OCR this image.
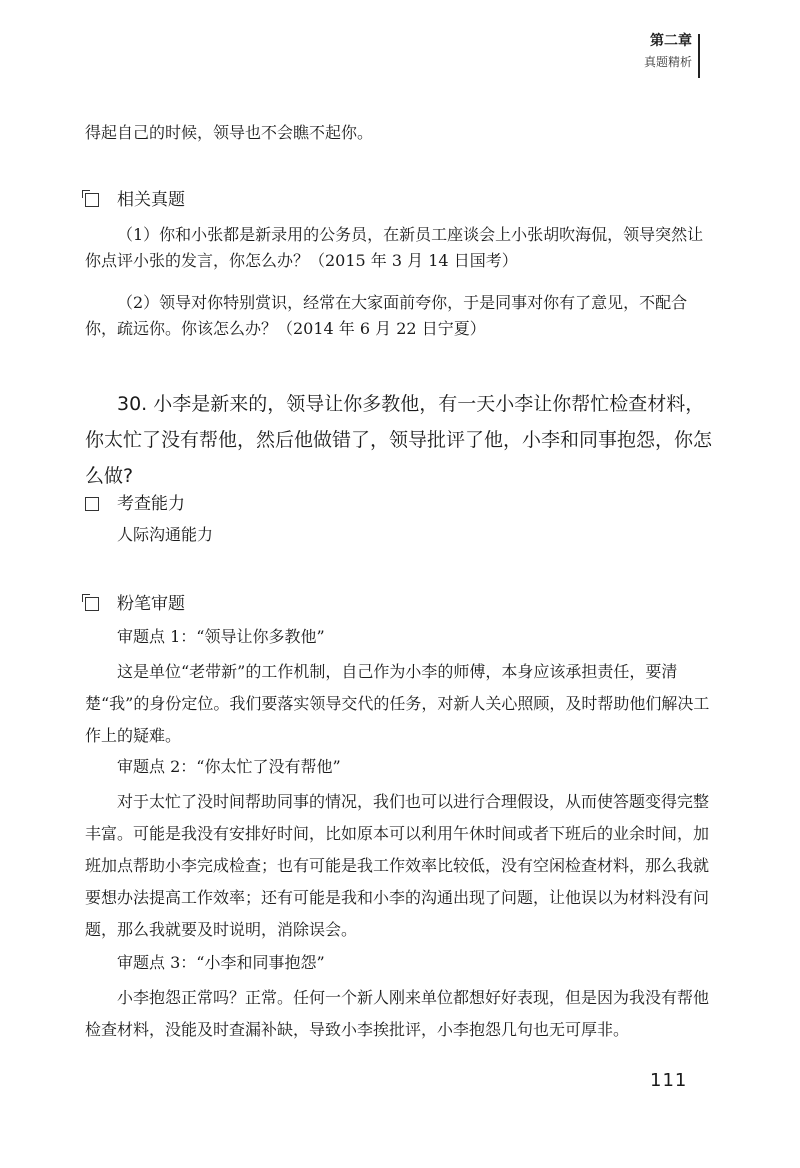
第二章
真题精析
得起自己的时候，领导也不会瞧不起你。
相关真题
（1）你和小张都是新录用的公务员，在新员工座谈会上小张胡吹海侃，领导突然让你点评小张的发言，你怎么办？（2015 年 3 月 14 日国考）
（2）领导对你特别赏识，经常在大家面前夸你，于是同事对你有了意见，不配合你，疏远你。你该怎么办？（2014 年 6 月 22 日宁夏）
30. 小李是新来的，领导让你多教他，有一天小李让你帮忙检查材料，你太忙了没有帮他，然后他做错了，领导批评了他，小李和同事抱怨，你怎么做?
考查能力
人际沟通能力
粉笔审题
审题点 1：“领导让你多教他”
这是单位“老带新”的工作机制，自己作为小李的师傅，本身应该承担责任，要清楚“我”的身份定位。我们要落实领导交代的任务，对新人关心照顾，及时帮助他们解决工作上的疑难。
审题点 2：“你太忙了没有帮他”
对于太忙了没时间帮助同事的情况，我们也可以进行合理假设，从而使答题变得完整丰富。可能是我没有安排好时间，比如原本可以利用午休时间或者下班后的业余时间，加班加点帮助小李完成检查；也有可能是我工作效率比较低，没有空闲检查材料，那么我就要想办法提高工作效率；还有可能是我和小李的沟通出现了问题，让他误以为材料没有问题，那么我就要及时说明，消除误会。
审题点 3：“小李和同事抱怨”
小李抱怨正常吗？正常。任何一个新人刚来单位都想好好表现，但是因为我没有帮他检查材料，没能及时查漏补缺，导致小李挨批评，小李抱怨几句也无可厚非。
111
